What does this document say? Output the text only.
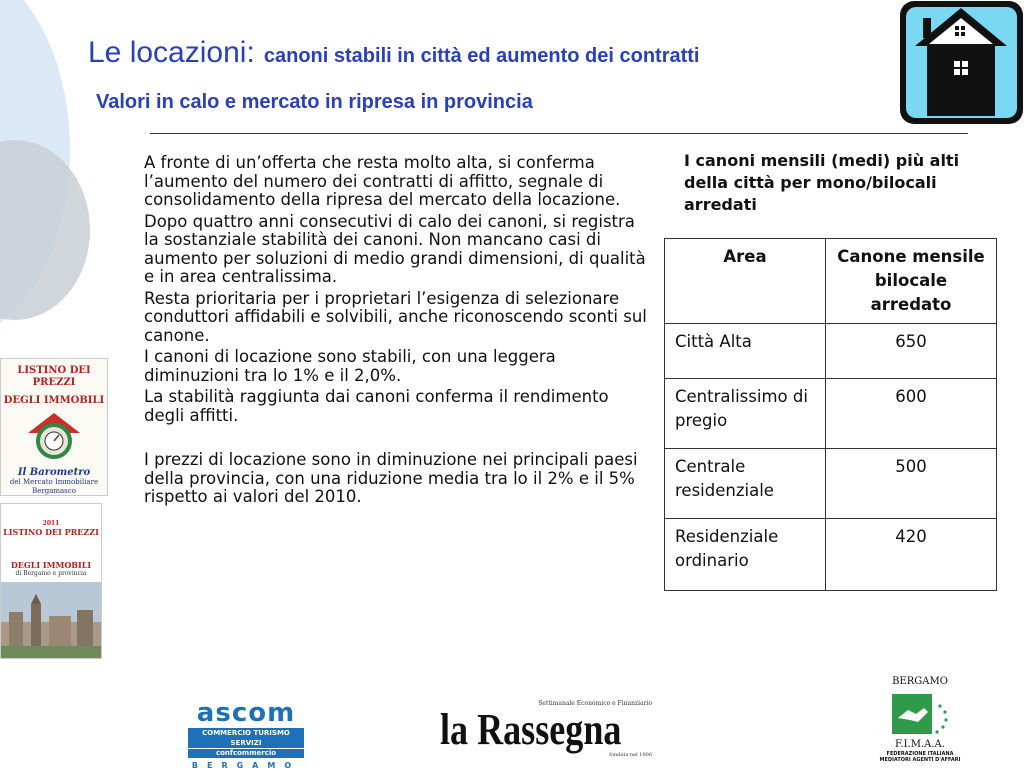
Le locazioni: canoni stabili in città ed aumento dei contratti
Valori in calo e mercato in ripresa in provincia

A fronte di un’offerta che resta molto alta, si conferma l’aumento del numero dei contratti di affitto, segnale di consolidamento della ripresa del mercato della locazione.

Dopo quattro anni consecutivi di calo dei canoni, si registra la sostanziale stabilità dei canoni. Non mancano casi di aumento per soluzioni di medio grandi dimensioni, di qualità e in area centralissima.

Resta prioritaria per i proprietari l’esigenza di selezionare conduttori affidabili e solvibili, anche riconoscendo sconti sul canone.

I canoni di locazione sono stabili, con una leggera diminuzioni tra lo 1% e il 2,0%.

La stabilità raggiunta dai canoni conferma il rendimento degli affitti.

I prezzi di locazione sono in diminuzione nei principali paesi della provincia, con una riduzione media tra lo il 2% e il 5% rispetto ai valori del 2010.

I canoni mensili (medi) più alti della città per mono/bilocali arredati
Area	Canone mensile bilocale arredato
Città Alta	650
Centralissimo di pregio	600
Centrale residenziale	500
Residenziale ordinario	420
LISTINO DEI PREZZI
DEGLI IMMOBILI
Il Barometro
del Mercato Immobiliare
Bergamasco
2011
LISTINO DEI PREZZI
DEGLI IMMOBILI
di Bergamo e provincia
ascom
COMMERCIO TURISMO SERVIZI
confcommercio
BERGAMO
Settimanale Economico e Finanziario
la Rassegna
fondata nel 1906
BERGAMO
F.I.M.A.A.
FEDERAZIONE ITALIANA
MEDIATORI AGENTI D'AFFARI
